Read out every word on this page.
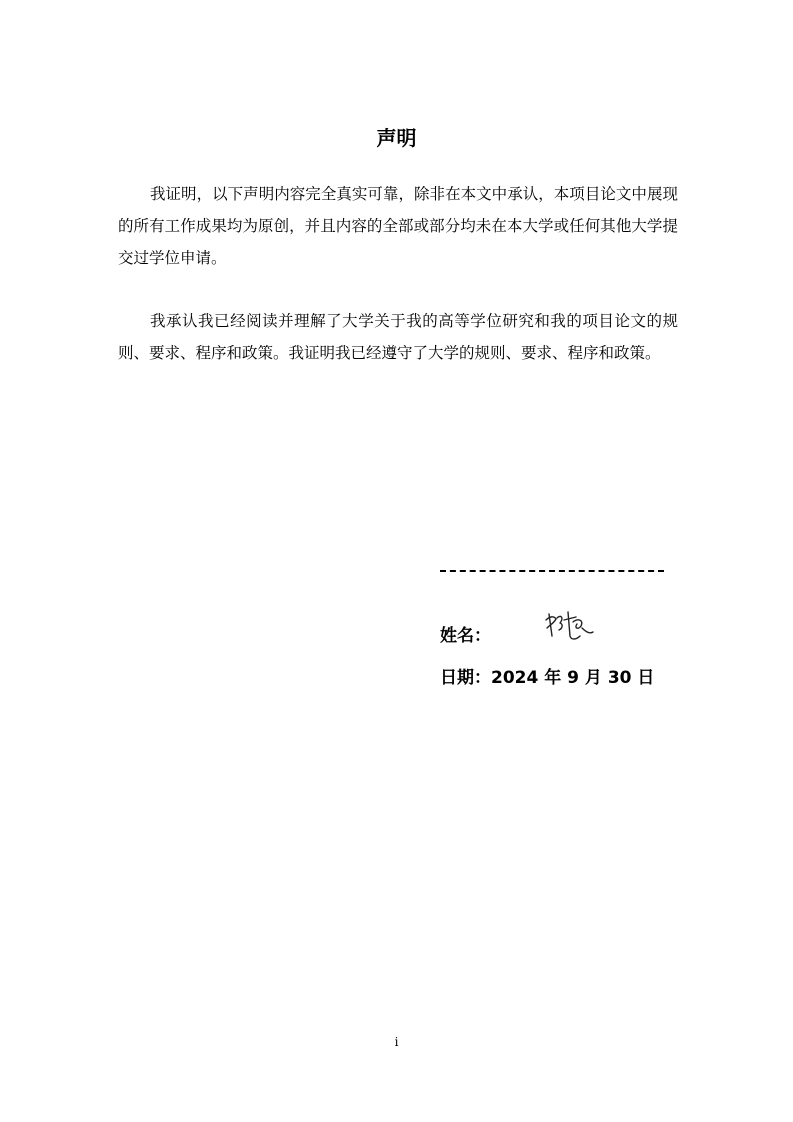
声明

我证明，以下声明内容完全真实可靠，除非在本文中承认，本项目论文中展现的所有工作成果均为原创，并且内容的全部或部分均未在本大学或任何其他大学提交过学位申请。

我承认我已经阅读并理解了大学关于我的高等学位研究和我的项目论文的规则、要求、程序和政策。我证明我已经遵守了大学的规则、要求、程序和政策。

姓名：
日期：2024 年 9 月 30 日
i
